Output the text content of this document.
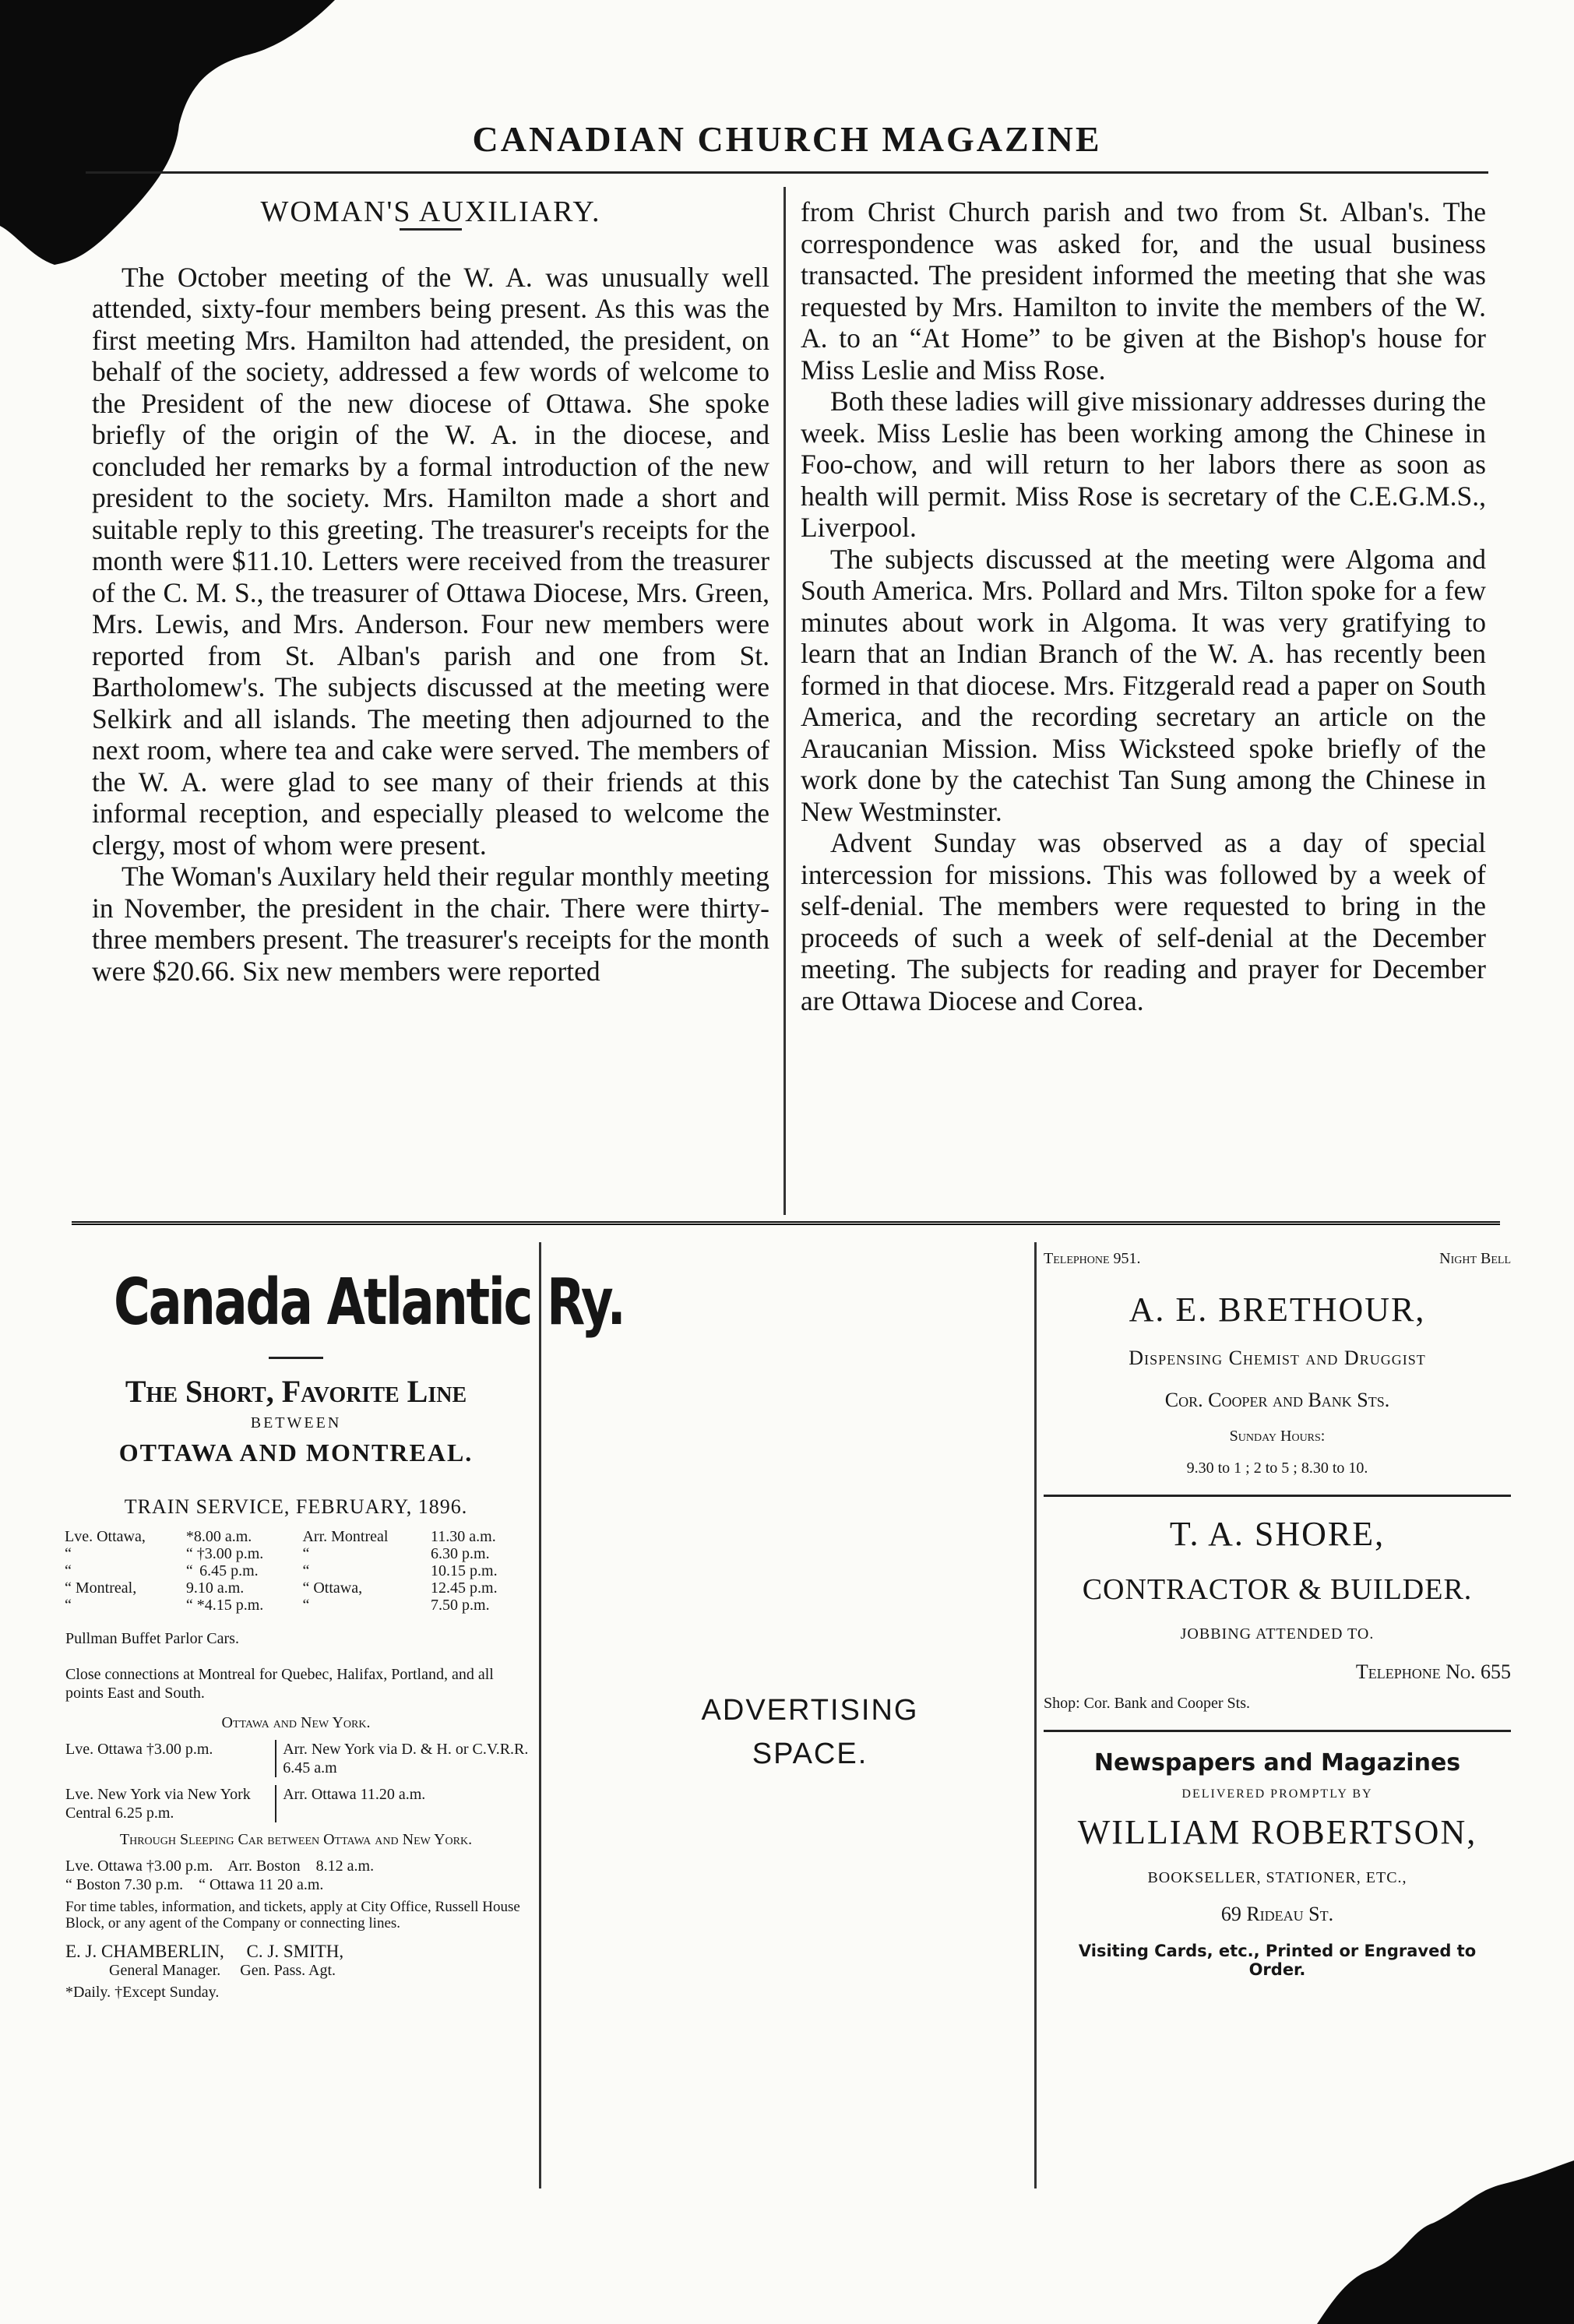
CANADIAN CHURCH MAGAZINE

WOMAN'S AUXILIARY.

The October meeting of the W. A. was unusually well attended, sixty-four members being present. As this was the first meeting Mrs. Hamilton had attended, the president, on behalf of the society, addressed a few words of welcome to the President of the new diocese of Ottawa. She spoke briefly of the origin of the W. A. in the diocese, and concluded her remarks by a formal introduction of the new president to the society. Mrs. Hamilton made a short and suitable reply to this greeting. The treasurer's receipts for the month were $11.10. Letters were received from the treasurer of the C. M. S., the treasurer of Ottawa Diocese, Mrs. Green, Mrs. Lewis, and Mrs. Anderson. Four new members were reported from St. Alban's parish and one from St. Bartholomew's. The subjects discussed at the meeting were Selkirk and all islands. The meeting then adjourned to the next room, where tea and cake were served. The members of the W. A. were glad to see many of their friends at this informal reception, and especially pleased to welcome the clergy, most of whom were present.

The Woman's Auxilary held their regular monthly meeting in November, the president in the chair. There were thirty-three members present. The treasurer's receipts for the month were $20.66. Six new members were reported

from Christ Church parish and two from St. Alban's. The correspondence was asked for, and the usual business transacted. The president informed the meeting that she was requested by Mrs. Hamilton to invite the members of the W. A. to an “At Home” to be given at the Bishop's house for Miss Leslie and Miss Rose.

Both these ladies will give missionary addresses during the week. Miss Leslie has been working among the Chinese in Foo-chow, and will return to her labors there as soon as health will permit. Miss Rose is secretary of the C.E.G.M.S., Liverpool.

The subjects discussed at the meeting were Algoma and South America. Mrs. Pollard and Mrs. Tilton spoke for a few minutes about work in Algoma. It was very gratifying to learn that an Indian Branch of the W. A. has recently been formed in that diocese. Mrs. Fitzgerald read a paper on South America, and the recording secretary an article on the Araucanian Mission. Miss Wicksteed spoke briefly of the work done by the catechist Tan Sung among the Chinese in New Westminster.

Advent Sunday was observed as a day of special intercession for missions. This was followed by a week of self-denial. The members were requested to bring in the proceeds of such a week of self-denial at the December meeting. The subjects for reading and prayer for December are Ottawa Diocese and Corea.

Canada Atlantic Ry.
The Short, Favorite Line
BETWEEN
OTTAWA AND MONTREAL.
TRAIN SERVICE, FEBRUARY, 1896.
Lve. Ottawa,	*8.00 a.m.	Arr. Montreal	11.30 a.m.
“	“ †3.00 p.m.	“	6.30 p.m.
“	“  6.45 p.m.	“	10.15 p.m.
“ Montreal,	9.10 a.m.	“ Ottawa,	12.45 p.m.
“	“ *4.15 p.m.	“	7.50 p.m.
Pullman Buffet Parlor Cars.
Close connections at Montreal for Quebec, Halifax, Portland, and all points East and South.
Ottawa and New York.
Lve. Ottawa †3.00 p.m.	Arr. New York via D. & H. or C.V.R.R. 6.45 a.m
Lve. New York via New York Central 6.25 p.m.
Arr. Ottawa 11.20 a.m.
Through Sleeping Car between Ottawa and New York.
Lve. Ottawa †3.00 p.m.    Arr. Boston    8.12 a.m.
“ Boston 7.30 p.m.    “ Ottawa 11 20 a.m.
For time tables, information, and tickets, apply at City Office, Russell House Block, or any agent of the Company or connecting lines.
E. J. CHAMBERLIN,     C. J. SMITH,
General Manager.     Gen. Pass. Agt.
*Daily. †Except Sunday.
ADVERTISING
SPACE.
Telephone 951.	Night Bell
A. E. BRETHOUR,
Dispensing Chemist and Druggist
Cor. Cooper and Bank Sts.
Sunday Hours:
9.30 to 1 ; 2 to 5 ; 8.30 to 10.
T. A. SHORE,
CONTRACTOR & BUILDER.
JOBBING ATTENDED TO.
Telephone No. 655
Shop: Cor. Bank and Cooper Sts.
Newspapers and Magazines
DELIVERED PROMPTLY BY
WILLIAM ROBERTSON,
BOOKSELLER, STATIONER, ETC.,
69 Rideau St.
Visiting Cards, etc., Printed or Engraved to Order.
